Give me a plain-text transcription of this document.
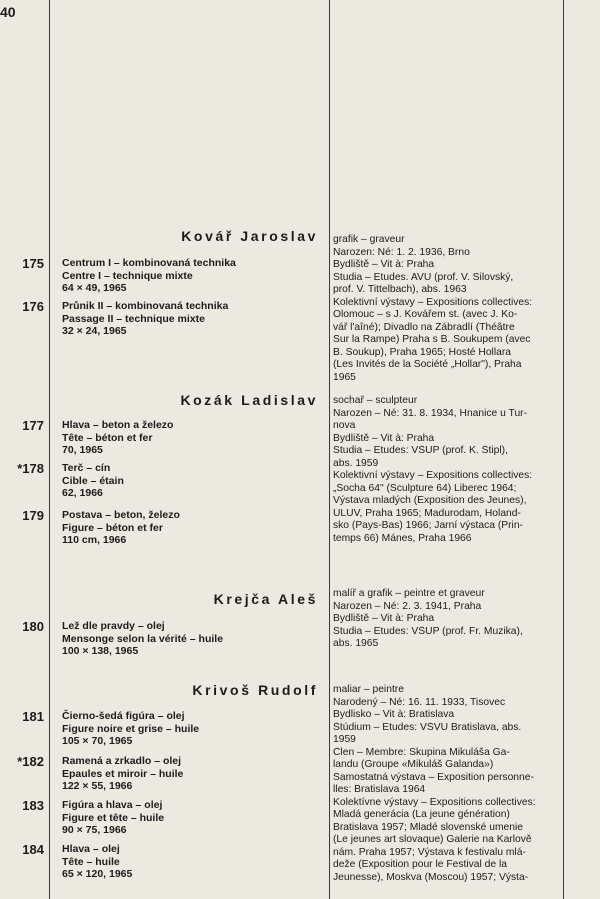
40
Kovář Jaroslav grafik – graveur
Narozen: Né: 1. 2. 1936, Brno
Bydliště – Vit à: Praha
Studia – Etudes. AVU (prof. V. Silovský,
prof. V. Tittelbach), abs. 1963
Kolektivní výstavy – Expositions collectives:
Olomouc – s J. Kovářem st. (avec J. Ko-
vář l'aîné); Divadlo na Zábradlí (Théâtre
Sur la Rampe) Praha s B. Soukupem (avec
B. Soukup), Praha 1965; Hosté Hollara
(Les Invités de la Société „Hollar"), Praha
1965
175 Centrum I – kombinovaná technika
Centre I – technique mixte
64 × 49, 1965
176 Průnik II – kombinovaná technika
Passage II – technique mixte
32 × 24, 1965
Kozák Ladislav sochař – sculpteur
Narozen – Né: 31. 8. 1934, Hnanice u Tur-
nova
Bydliště – Vit à: Praha
Studia – Etudes: VŠUP (prof. K. Štipl),
abs. 1959
Kolektivní výstavy – Expositions collectives:
„Socha 64" (Sculpture 64) Liberec 1964;
Výstava mladých (Exposition des Jeunes),
ÚLUV, Praha 1965; Madurodam, Holand-
sko (Pays-Bas) 1966; Jarní výstaca (Prin-
temps 66) Mánes, Praha 1966
177 Hlava – beton a železo
Tête – béton et fer
70, 1965
*178 Terč – cín
Cible – étain
62, 1966
179 Postava – beton, železo
Figure – béton et fer
110 cm, 1966
Krejča Aleš malíř a grafik – peintre et graveur
Narozen – Né: 2. 3. 1941, Praha
Bydliště – Vit à: Praha
Studia – Etudes: VŠUP (prof. Fr. Muzika),
abs. 1965
180 Lež dle pravdy – olej
Mensonge selon la vérité – huile
100 × 138, 1965
Krivoš Rudolf maliar – peintre
Narodený – Né: 16. 11. 1933, Tisovec
Bydlisko – Vit à: Bratislava
Štúdium – Etudes: VŠVU Bratislava, abs.
1959
Člen – Membre: Skupina Mikuláša Ga-
landu (Groupe «Mikuláš Galanda»)
Samostatná výstava – Exposition personne-
lles: Bratislava 1964
Kolektívne výstavy – Expositions collectives:
Mladá generácia (La jeune génération)
Bratislava 1957; Mladé slovenské umenie
(Le jeunes art slovaque) Galerie na Karlově
nám. Praha 1957; Výstava k festivalu mlá-
deže (Exposition pour le Festival de la
Jeunesse), Moskva (Moscou) 1957; Výsta-
181 Čierno-šedá figúra – olej
Figure noire et grise – huile
105 × 70, 1965
*182 Ramená a zrkadlo – olej
Epaules et miroir – huile
122 × 55, 1966
183 Figúra a hlava – olej
Figure et tête – huile
90 × 75, 1966
184 Hlava – olej
Tête – huile
65 × 120, 1965
